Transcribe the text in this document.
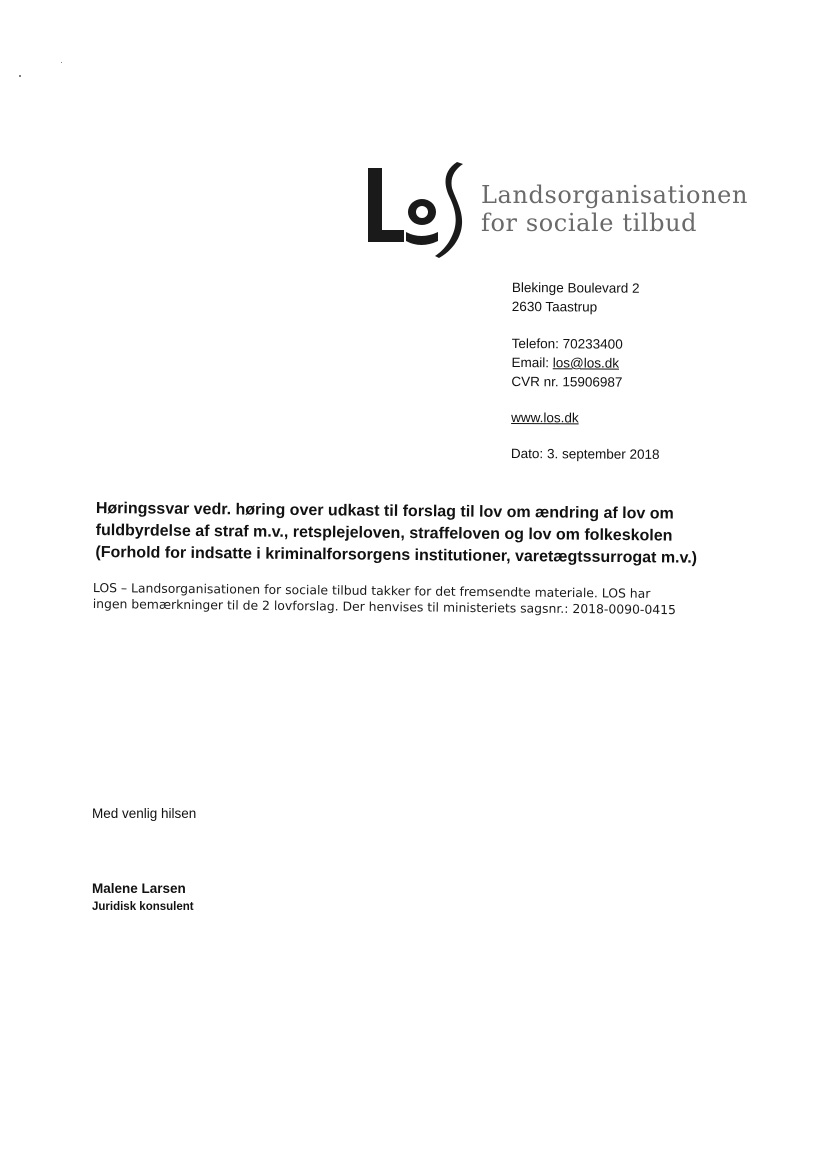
Landsorganisationen
for sociale tilbud
Blekinge Boulevard 2
2630 Taastrup
Telefon: 70233400
Email: los@los.dk
CVR nr. 15906987
www.los.dk
Dato: 3. september 2018
Høringssvar vedr. høring over udkast til forslag til lov om ændring af lov om
fuldbyrdelse af straf m.v., retsplejeloven, straffeloven og lov om folkeskolen
(Forhold for indsatte i kriminalforsorgens institutioner, varetægtssurrogat m.v.)
LOS – Landsorganisationen for sociale tilbud takker for det fremsendte materiale. LOS har
ingen bemærkninger til de 2 lovforslag. Der henvises til ministeriets sagsnr.: 2018-0090-0415
Med venlig hilsen
Malene Larsen
Juridisk konsulent
